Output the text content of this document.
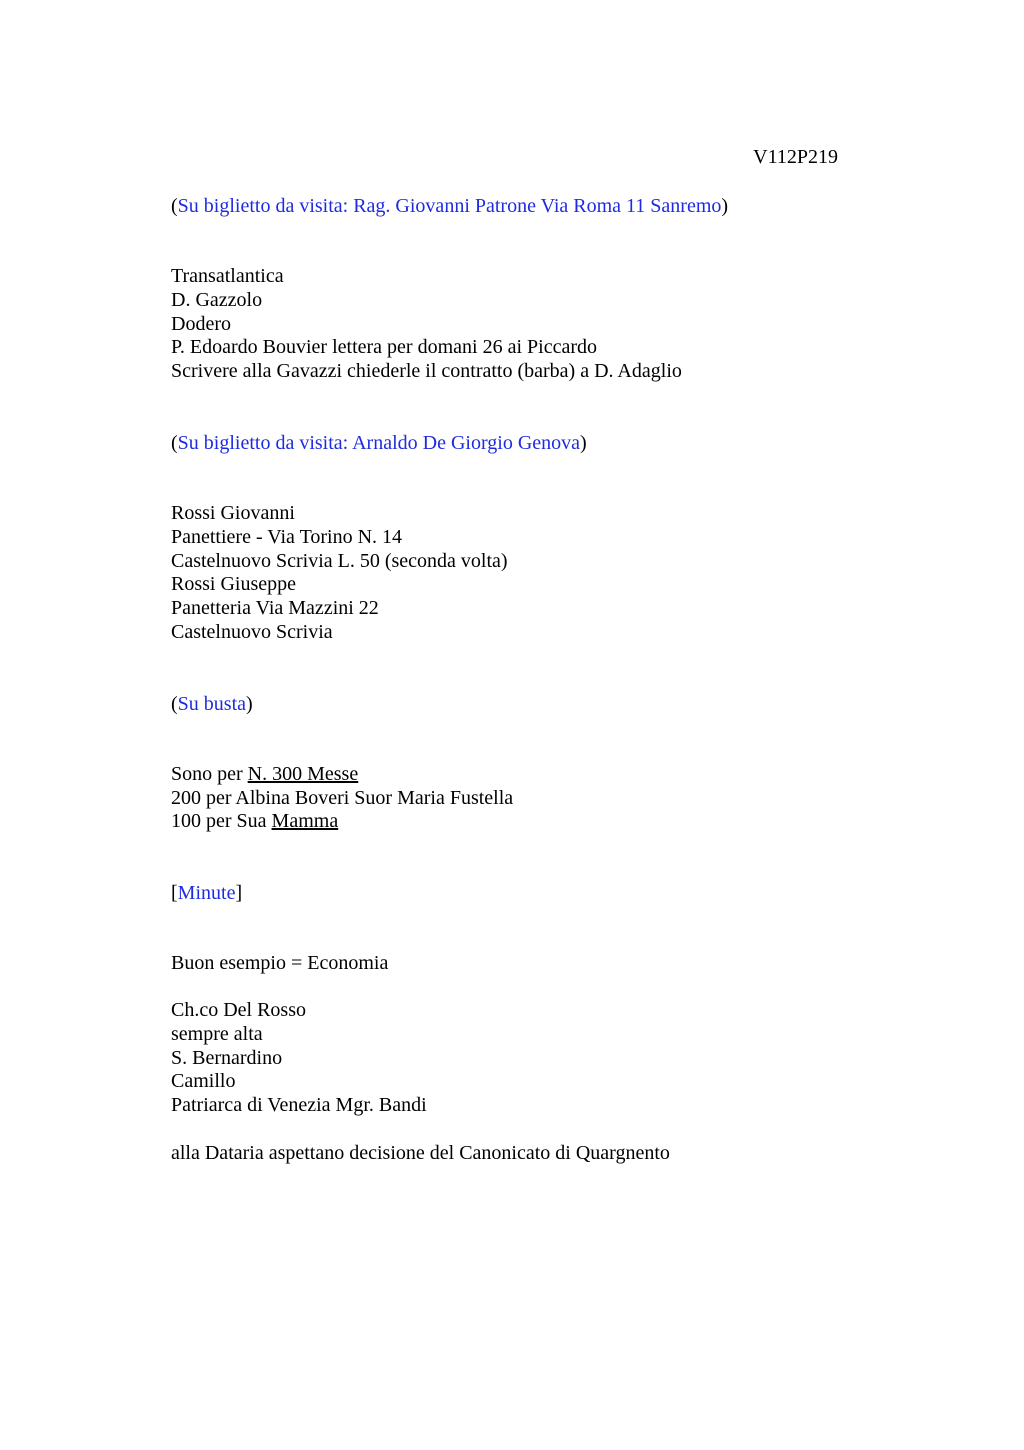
V112P219

(Su biglietto da visita: Rag. Giovanni Patrone Via Roma 11 Sanremo)
Transatlantica
D. Gazzolo
Dodero
P. Edoardo Bouvier lettera per domani 26 ai Piccardo
Scrivere alla Gavazzi chiederle il contratto (barba) a D. Adaglio
(Su biglietto da visita: Arnaldo De Giorgio Genova)
Rossi Giovanni
Panettiere - Via Torino N. 14
Castelnuovo Scrivia L. 50 (seconda volta)
Rossi Giuseppe
Panetteria Via Mazzini 22
Castelnuovo Scrivia
(Su busta)
Sono per N. 300 Messe
200 per Albina Boveri Suor Maria Fustella
100 per Sua Mamma
[Minute]
Buon esempio = Economia
Ch.co Del Rosso
sempre alta
S. Bernardino
Camillo
Patriarca di Venezia Mgr. Bandi
alla Dataria aspettano decisione del Canonicato di Quargnento
